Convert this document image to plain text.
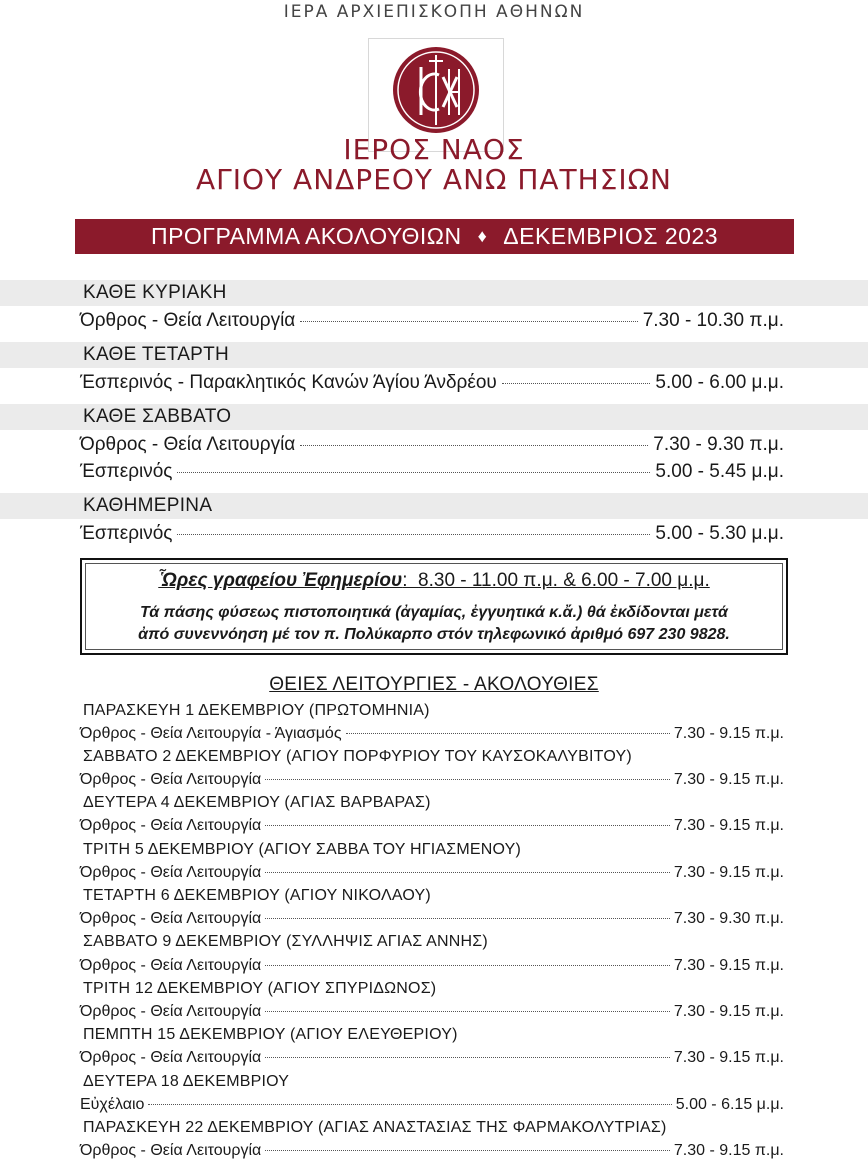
ΙΕΡΑ ΑΡΧΙΕΠΙΣΚΟΠΗ ΑΘΗΝΩΝ
ΙΕΡΟΣ ΝΑΟΣ
ΑΓΙΟΥ ΑΝΔΡΕΟΥ ΑΝΩ ΠΑΤΗΣΙΩΝ
ΠΡΟΓΡΑΜΜΑ ΑΚΟΛΟΥΘΙΩΝ ♦ ΔΕΚΕΜΒΡΙΟΣ 2023
ΚΑΘΕ ΚΥΡΙΑΚΗ
Όρθρος - Θεία Λειτουργία	7.30 - 10.30 π.μ.
ΚΑΘΕ ΤΕΤΑΡΤΗ
Έσπερινός - Παρακλητικός Κανών Άγίου Άνδρέου	5.00 - 6.00 μ.μ.
ΚΑΘΕ ΣΑΒΒΑΤΟ
Όρθρος - Θεία Λειτουργία	7.30 - 9.30 π.μ.
Έσπερινός	5.00 - 5.45 μ.μ.
ΚΑΘΗΜΕΡΙΝΑ
Έσπερινός	5.00 - 5.30 μ.μ.
Ὧρες γραφείου Ἐφημερίου:  8.30 - 11.00 π.μ. & 6.00 - 7.00 μ.μ.
Τά πάσης φύσεως πιστοποιητικά (ἀγαμίας, ἐγγυητικά κ.ἄ.) θά ἐκδίδονται μετά
ἀπό συνεννόηση μέ τον π. Πολύκαρπο στόν τηλεφωνικό ἀριθμό 697 230 9828.
ΘΕΙΕΣ ΛΕΙΤΟΥΡΓΙΕΣ - ΑΚΟΛΟΥΘΙΕΣ
ΠΑΡΑΣΚΕΥΗ 1 ΔΕΚΕΜΒΡΙΟΥ (ΠΡΩΤΟΜΗΝΙΑ)
Όρθρος - Θεία Λειτουργία - Άγιασμός	7.30 - 9.15 π.μ.
ΣΑΒΒΑΤΟ 2 ΔΕΚΕΜΒΡΙΟΥ (ΑΓΙΟΥ ΠΟΡΦΥΡΙΟΥ ΤΟΥ ΚΑΥΣΟΚΑΛΥΒΙΤΟΥ)
Όρθρος - Θεία Λειτουργία	7.30 - 9.15 π.μ.
ΔΕΥΤΕΡΑ 4 ΔΕΚΕΜΒΡΙΟΥ (ΑΓΙΑΣ ΒΑΡΒΑΡΑΣ)
Όρθρος - Θεία Λειτουργία	7.30 - 9.15 π.μ.
ΤΡΙΤΗ 5 ΔΕΚΕΜΒΡΙΟΥ (ΑΓΙΟΥ ΣΑΒΒΑ ΤΟΥ ΗΓΙΑΣΜΕΝΟΥ)
Όρθρος - Θεία Λειτουργία	7.30 - 9.15 π.μ.
ΤΕΤΑΡΤΗ 6 ΔΕΚΕΜΒΡΙΟΥ (ΑΓΙΟΥ ΝΙΚΟΛΑΟΥ)
Όρθρος - Θεία Λειτουργία	7.30 - 9.30 π.μ.
ΣΑΒΒΑΤΟ 9 ΔΕΚΕΜΒΡΙΟΥ (ΣΥΛΛΗΨΙΣ ΑΓΙΑΣ ΑΝΝΗΣ)
Όρθρος - Θεία Λειτουργία	7.30 - 9.15 π.μ.
ΤΡΙΤΗ 12 ΔΕΚΕΜΒΡΙΟΥ (ΑΓΙΟΥ ΣΠΥΡΙΔΩΝΟΣ)
Όρθρος - Θεία Λειτουργία	7.30 - 9.15 π.μ.
ΠΕΜΠΤΗ 15 ΔΕΚΕΜΒΡΙΟΥ (ΑΓΙΟΥ ΕΛΕΥΘΕΡΙΟΥ)
Όρθρος - Θεία Λειτουργία	7.30 - 9.15 π.μ.
ΔΕΥΤΕΡΑ 18 ΔΕΚΕΜΒΡΙΟΥ
Εὐχέλαιο	5.00 - 6.15 μ.μ.
ΠΑΡΑΣΚΕΥΗ 22 ΔΕΚΕΜΒΡΙΟΥ (ΑΓΙΑΣ ΑΝΑΣΤΑΣΙΑΣ ΤΗΣ ΦΑΡΜΑΚΟΛΥΤΡΙΑΣ)
Όρθρος - Θεία Λειτουργία	7.30 - 9.15 π.μ.
